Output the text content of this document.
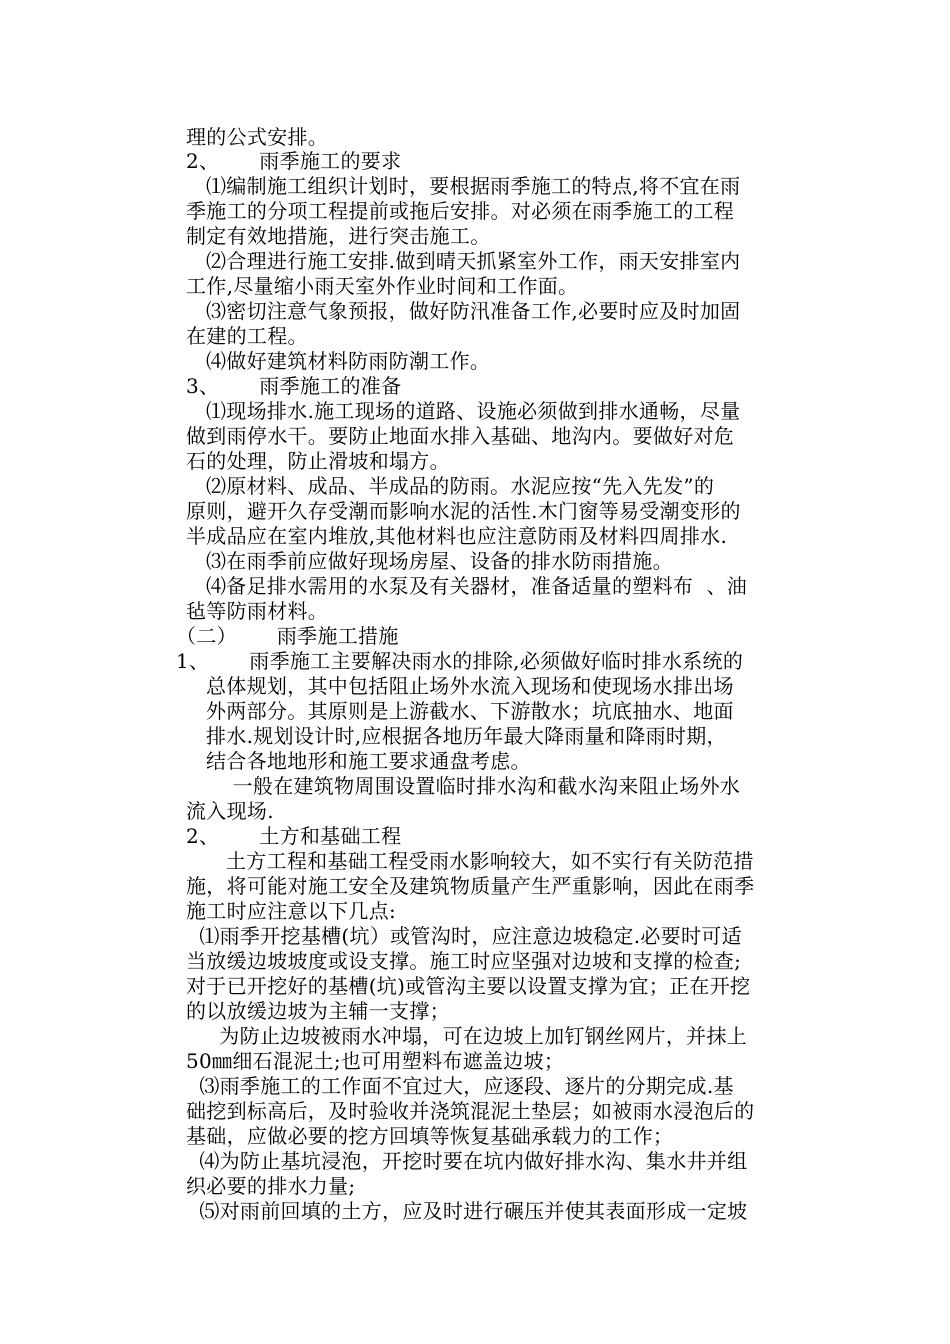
理的公式安排。
2、      雨季施工的要求
⑴编制施工组织计划时，要根据雨季施工的特点,将不宜在雨
季施工的分项工程提前或拖后安排。对必须在雨季施工的工程
制定有效地措施，进行突击施工。
⑵合理进行施工安排.做到晴天抓紧室外工作，雨天安排室内
工作,尽量缩小雨天室外作业时间和工作面。
⑶密切注意气象预报，做好防汛准备工作,必要时应及时加固
在建的工程。
⑷做好建筑材料防雨防潮工作。
3、      雨季施工的准备
⑴现场排水.施工现场的道路、设施必须做到排水通畅，尽量
做到雨停水干。要防止地面水排入基础、地沟内。要做好对危
石的处理，防止滑坡和塌方。
⑵原材料、成品、半成品的防雨。水泥应按“先入先发”的
原则，避开久存受潮而影响水泥的活性.木门窗等易受潮变形的
半成品应在室内堆放,其他材料也应注意防雨及材料四周排水.
⑶在雨季前应做好现场房屋、设备的排水防雨措施。
⑷备足排水需用的水泵及有关器材，准备适量的塑料布  、油
毡等防雨材料。
（二）      雨季施工措施
1、      雨季施工主要解决雨水的排除,必须做好临时排水系统的
总体规划，其中包括阻止场外水流入现场和使现场水排出场
外两部分。其原则是上游截水、下游散水；坑底抽水、地面
排水.规划设计时,应根据各地历年最大降雨量和降雨时期，
结合各地地形和施工要求通盘考虑。
一般在建筑物周围设置临时排水沟和截水沟来阻止场外水
流入现场.
2、      土方和基础工程
土方工程和基础工程受雨水影响较大，如不实行有关防范措
施，将可能对施工安全及建筑物质量产生严重影响，因此在雨季
施工时应注意以下几点:
⑴雨季开挖基槽(坑）或管沟时，应注意边坡稳定.必要时可适
当放缓边坡坡度或设支撑。施工时应坚强对边坡和支撑的检查;
对于已开挖好的基槽(坑)或管沟主要以设置支撑为宜；正在开挖
的以放缓边坡为主辅一支撑；
为防止边坡被雨水冲塌，可在边坡上加钉钢丝网片，并抹上
50㎜细石混泥土;也可用塑料布遮盖边坡；
⑶雨季施工的工作面不宜过大，应逐段、逐片的分期完成.基
础挖到标高后，及时验收并浇筑混泥土垫层；如被雨水浸泡后的
基础，应做必要的挖方回填等恢复基础承载力的工作；
⑷为防止基坑浸泡，开挖时要在坑内做好排水沟、集水井并组
织必要的排水力量;
⑸对雨前回填的土方，应及时进行碾压并使其表面形成一定坡
